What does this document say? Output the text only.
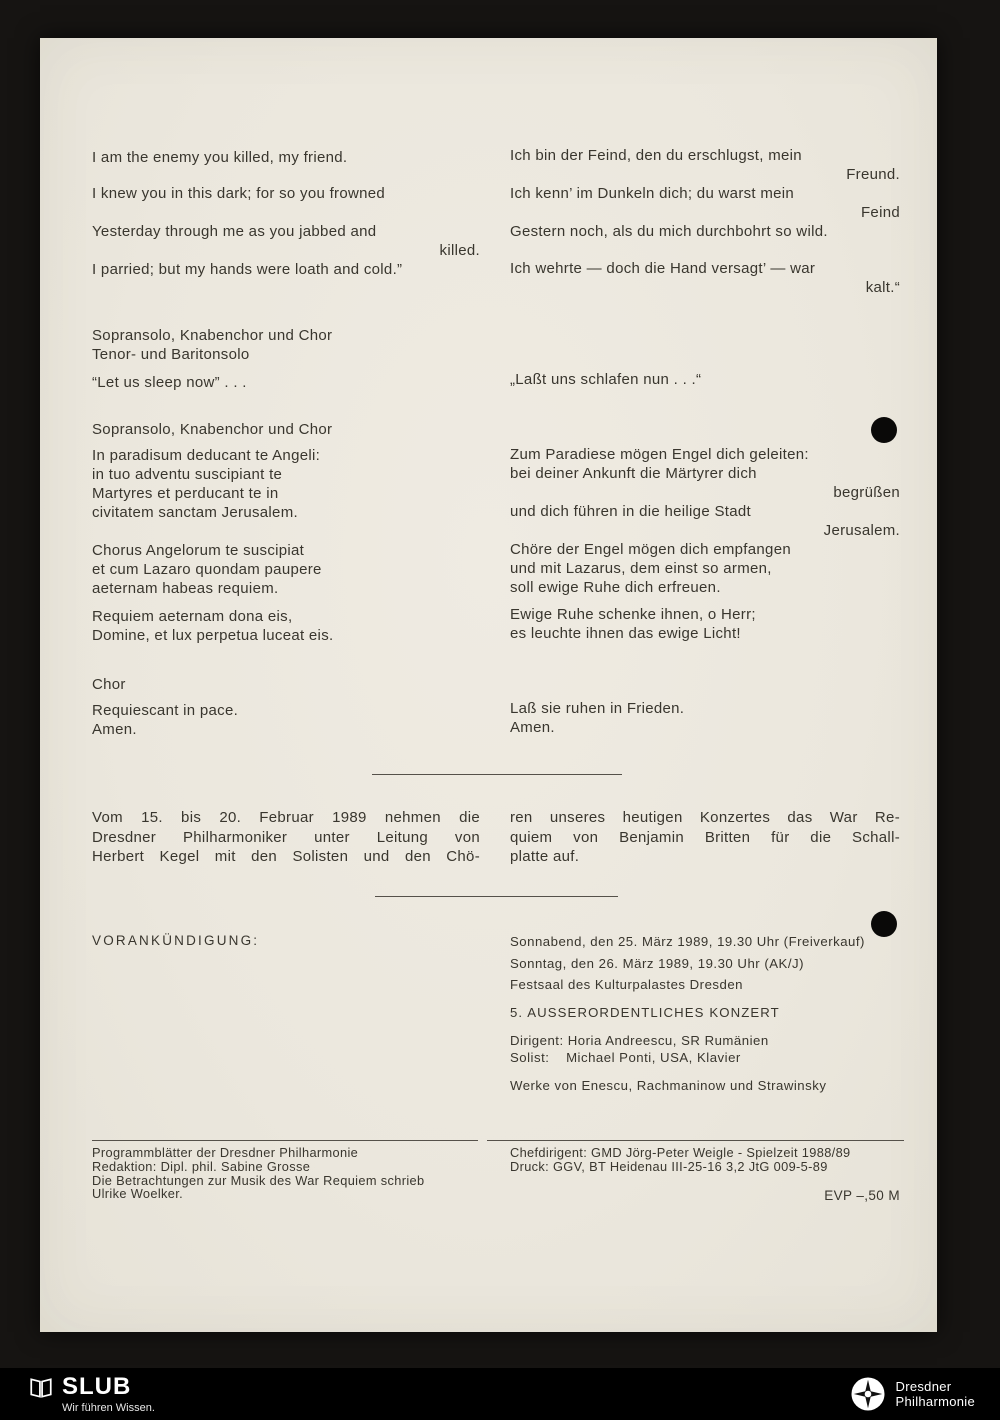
I am the enemy you killed, my friend.
I knew you in this dark; for so you frowned
Yesterday through me as you jabbed and
killed.
I parried; but my hands were loath and cold.”
Sopransolo, Knabenchor und Chor
Tenor- und Baritonsolo
“Let us sleep now” . . .
Sopransolo, Knabenchor und Chor
In paradisum deducant te Angeli:
in tuo adventu suscipiant te
Martyres et perducant te in
civitatem sanctam Jerusalem.
Chorus Angelorum te suscipiat
et cum Lazaro quondam paupere
aeternam habeas requiem.
Requiem aeternam dona eis,
Domine, et lux perpetua luceat eis.
Chor
Requiescant in pace.
Amen.
Ich bin der Feind, den du erschlugst, mein
Freund.
Ich kenn’ im Dunkeln dich; du warst mein
Feind
Gestern noch, als du mich durchbohrt so wild.
Ich wehrte — doch die Hand versagt’ — war
kalt.“
„Laßt uns schlafen nun . . .“
Zum Paradiese mögen Engel dich geleiten:
bei deiner Ankunft die Märtyrer dich
begrüßen
und dich führen in die heilige Stadt
Jerusalem.
Chöre der Engel mögen dich empfangen
und mit Lazarus, dem einst so armen,
soll ewige Ruhe dich erfreuen.
Ewige Ruhe schenke ihnen, o Herr;
es leuchte ihnen das ewige Licht!
Laß sie ruhen in Frieden.
Amen.
Vom 15. bis 20. Februar 1989 nehmen die
Dresdner Philharmoniker unter Leitung von
Herbert Kegel mit den Solisten und den Chö-
ren unseres heutigen Konzertes das War Re-
quiem von Benjamin Britten für die Schall-
platte auf.
VORANKÜNDIGUNG:	Sonnabend, den 25. März 1989, 19.30 Uhr (Freiverkauf)
Sonntag, den 26. März 1989, 19.30 Uhr (AK/J)
Festsaal des Kulturpalastes Dresden
5. AUSSERORDENTLICHES KONZERT
Dirigent: Horia Andreescu, SR Rumänien
Solist:    Michael Ponti, USA, Klavier
Werke von Enescu, Rachmaninow und Strawinsky
Programmblätter der Dresdner Philharmonie
Redaktion: Dipl. phil. Sabine Grosse
Die Betrachtungen zur Musik des War Requiem schrieb
Ulrike Woelker.
Chefdirigent: GMD Jörg-Peter Weigle - Spielzeit 1988/89
Druck: GGV, BT Heidenau III-25-16 3,2 JtG 009-5-89
EVP –,50 M
SLUB
Wir führen Wissen.
Dresdner
Philharmonie
